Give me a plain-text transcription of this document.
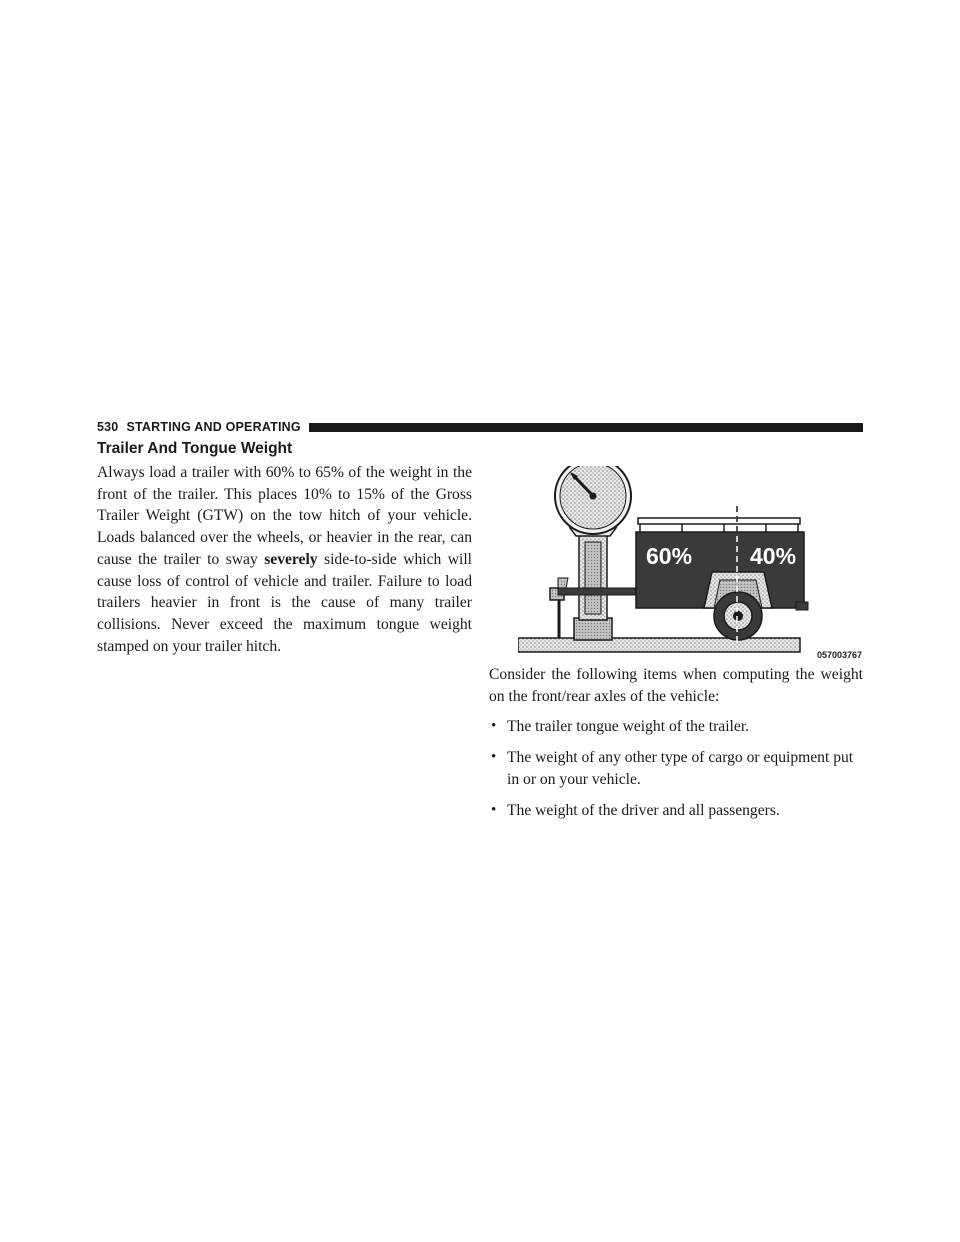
530 STARTING AND OPERATING
Trailer And Tongue Weight

Always load a trailer with 60% to 65% of the weight in the front of the trailer. This places 10% to 15% of the Gross Trailer Weight (GTW) on the tow hitch of your vehicle. Loads balanced over the wheels, or heavier in the rear, can cause the trailer to sway severely side-to-side which will cause loss of control of vehicle and trailer. Failure to load trailers heavier in front is the cause of many trailer collisions. Never exceed the maximum tongue weight stamped on your trailer hitch.

60%	40%
057003767

Consider the following items when computing the weight on the front/rear axles of the vehicle:

• The trailer tongue weight of the trailer.
• The weight of any other type of cargo or equipment put in or on your vehicle.
• The weight of the driver and all passengers.
